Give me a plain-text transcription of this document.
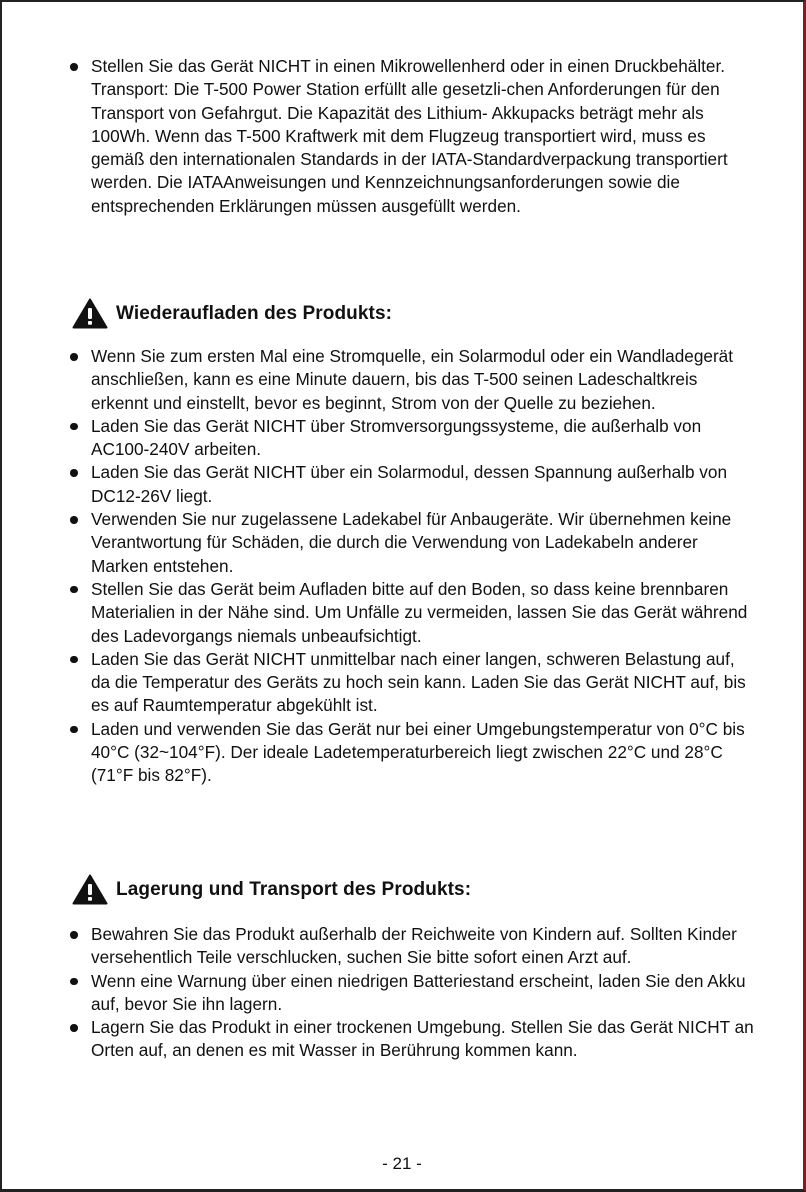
Stellen Sie das Gerät NICHT in einen Mikrowellenherd oder in einen Druckbehälter. Transport: Die T-500 Power Station erfüllt alle gesetzli-chen Anforderungen für den Transport von Gefahrgut. Die Kapazität des Lithium- Akkupacks beträgt mehr als 100Wh. Wenn das T-500 Kraftwerk mit dem Flugzeug transportiert wird, muss es gemäß den internationalen Standards in der IATA-Standardverpackung transportiert werden. Die IATAAnweisungen und Kennzeichnungsanforderungen sowie die entsprechenden Erklärungen müssen ausgefüllt werden.
Wiederaufladen des Produkts:
Wenn Sie zum ersten Mal eine Stromquelle, ein Solarmodul oder ein Wandladegerät anschließen, kann es eine Minute dauern, bis das T-500 seinen Ladeschaltkreis erkennt und einstellt, bevor es beginnt, Strom von der Quelle zu beziehen.
Laden Sie das Gerät NICHT über Stromversorgungssysteme, die außerhalb von AC100-240V arbeiten.
Laden Sie das Gerät NICHT über ein Solarmodul, dessen Spannung außerhalb von DC12-26V liegt.
Verwenden Sie nur zugelassene Ladekabel für Anbaugeräte. Wir übernehmen keine Verantwortung für Schäden, die durch die Verwendung von Ladekabeln anderer Marken entstehen.
Stellen Sie das Gerät beim Aufladen bitte auf den Boden, so dass keine brennbaren Materialien in der Nähe sind. Um Unfälle zu vermeiden, lassen Sie das Gerät während des Ladevorgangs niemals unbeaufsichtigt.
Laden Sie das Gerät NICHT unmittelbar nach einer langen, schweren Belastung auf, da die Temperatur des Geräts zu hoch sein kann. Laden Sie das Gerät NICHT auf, bis es auf Raumtemperatur abgekühlt ist.
Laden und verwenden Sie das Gerät nur bei einer Umgebungstemperatur von 0°C bis 40°C (32~104°F). Der ideale Ladetemperaturbereich liegt zwischen 22°C und 28°C (71°F bis 82°F).
Lagerung und Transport des Produkts:
Bewahren Sie das Produkt außerhalb der Reichweite von Kindern auf. Sollten Kinder versehentlich Teile verschlucken, suchen Sie bitte sofort einen Arzt auf.
Wenn eine Warnung über einen niedrigen Batteriestand erscheint, laden Sie den Akku auf, bevor Sie ihn lagern.
Lagern Sie das Produkt in einer trockenen Umgebung. Stellen Sie das Gerät NICHT an Orten auf, an denen es mit Wasser in Berührung kommen kann.
- 21 -
